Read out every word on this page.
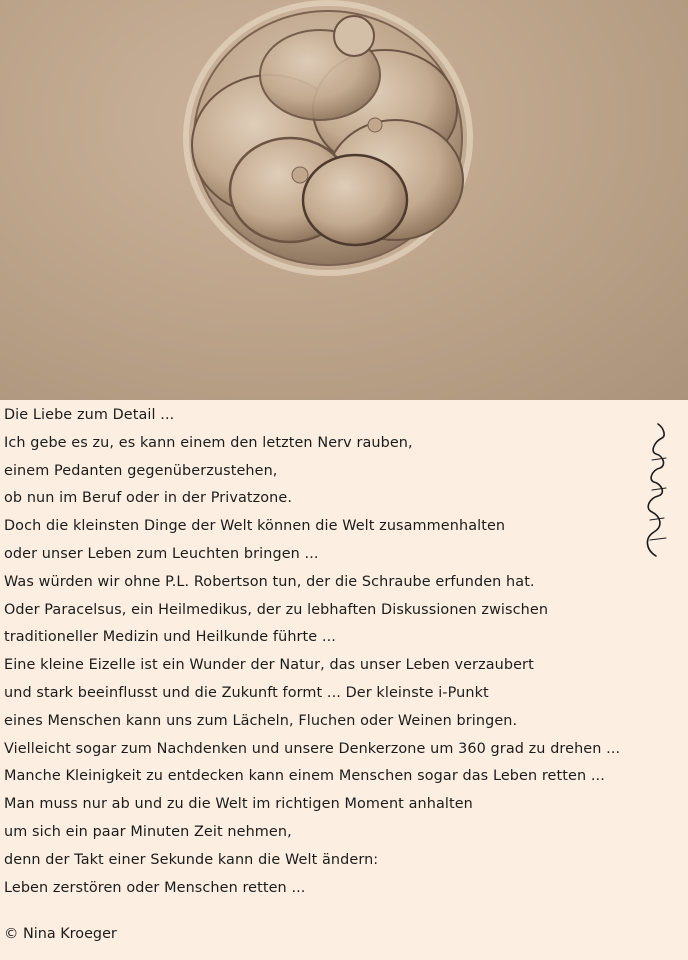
Die Liebe zum Detail ...
Ich gebe es zu, es kann einem den letzten Nerv rauben,
einem Pedanten gegenüberzustehen,
ob nun im Beruf oder in der Privatzone.
Doch die kleinsten Dinge der Welt können die Welt zusammenhalten
oder unser Leben zum Leuchten bringen ...
Was würden wir ohne P.L. Robertson tun, der die Schraube erfunden hat.
Oder Paracelsus, ein Heilmedikus, der zu lebhaften Diskussionen zwischen
traditioneller Medizin und Heilkunde führte ...
Eine kleine Eizelle ist ein Wunder der Natur, das unser Leben verzaubert
und stark beeinflusst und die Zukunft formt ... Der kleinste i-Punkt
eines Menschen kann uns zum Lächeln, Fluchen oder Weinen bringen.
Vielleicht sogar zum Nachdenken und unsere Denkerzone um 360 grad zu drehen ...
Manche Kleinigkeit zu entdecken kann einem Menschen sogar das Leben retten ...
Man muss nur ab und zu die Welt im richtigen Moment anhalten
um sich ein paar Minuten Zeit nehmen,
denn der Takt einer Sekunde kann die Welt ändern:
Leben zerstören oder Menschen retten ...
© Nina Kroeger
